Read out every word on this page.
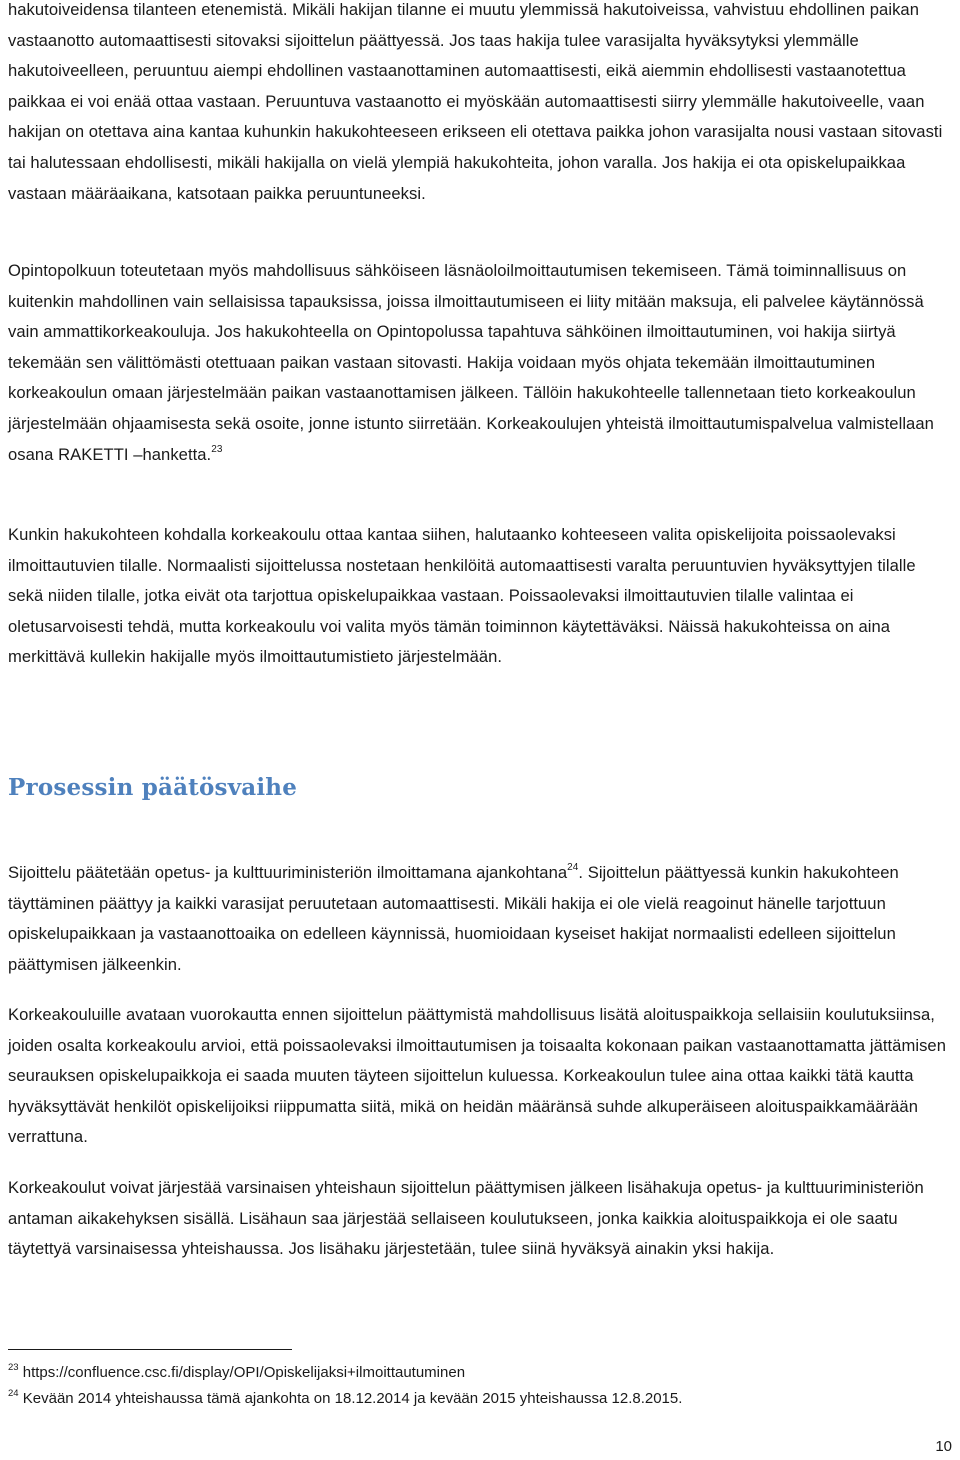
hakutoiveidensa tilanteen etenemistä. Mikäli hakijan tilanne ei muutu ylemmissä hakutoiveissa, vahvistuu ehdollinen paikan vastaanotto automaattisesti sitovaksi sijoittelun päättyessä. Jos taas hakija tulee varasijalta hyväksytyksi ylemmälle hakutoiveelleen, peruuntuu aiempi ehdollinen vastaanottaminen automaattisesti, eikä aiemmin ehdollisesti vastaanotettua paikkaa ei voi enää ottaa vastaan. Peruuntuva vastaanotto ei myöskään automaattisesti siirry ylemmälle hakutoiveelle, vaan hakijan on otettava aina kantaa kuhunkin hakukohteeseen erikseen eli otettava paikka johon varasijalta nousi vastaan sitovasti tai halutessaan ehdollisesti, mikäli hakijalla on vielä ylempiä hakukohteita, johon varalla. Jos hakija ei ota opiskelupaikkaa vastaan määräaikana, katsotaan paikka peruuntuneeksi.

Opintopolkuun toteutetaan myös mahdollisuus sähköiseen läsnäoloilmoittautumisen tekemiseen. Tämä toiminnallisuus on kuitenkin mahdollinen vain sellaisissa tapauksissa, joissa ilmoittautumiseen ei liity mitään maksuja, eli palvelee käytännössä vain ammattikorkeakouluja. Jos hakukohteella on Opintopolussa tapahtuva sähköinen ilmoittautuminen, voi hakija siirtyä tekemään sen välittömästi otettuaan paikan vastaan sitovasti. Hakija voidaan myös ohjata tekemään ilmoittautuminen korkeakoulun omaan järjestelmään paikan vastaanottamisen jälkeen. Tällöin hakukohteelle tallennetaan tieto korkeakoulun järjestelmään ohjaamisesta sekä osoite, jonne istunto siirretään. Korkeakoulujen yhteistä ilmoittautumispalvelua valmistellaan osana RAKETTI –hanketta.$^{23}$

Kunkin hakukohteen kohdalla korkeakoulu ottaa kantaa siihen, halutaanko kohteeseen valita opiskelijoita poissaolevaksi ilmoittautuvien tilalle. Normaalisti sijoittelussa nostetaan henkilöitä automaattisesti varalta peruuntuvien hyväksyttyjen tilalle sekä niiden tilalle, jotka eivät ota tarjottua opiskelupaikkaa vastaan. Poissaolevaksi ilmoittautuvien tilalle valintaa ei oletusarvoisesti tehdä, mutta korkeakoulu voi valita myös tämän toiminnon käytettäväksi. Näissä hakukohteissa on aina merkittävä kullekin hakijalle myös ilmoittautumistieto järjestelmään.

Prosessin päätösvaihe

Sijoittelu päätetään opetus- ja kulttuuriministeriön ilmoittamana ajankohtana$^{24}$. Sijoittelun päättyessä kunkin hakukohteen täyttäminen päättyy ja kaikki varasijat peruutetaan automaattisesti. Mikäli hakija ei ole vielä reagoinut hänelle tarjottuun opiskelupaikkaan ja vastaanottoaika on edelleen käynnissä, huomioidaan kyseiset hakijat normaalisti edelleen sijoittelun päättymisen jälkeenkin.

Korkeakouluille avataan vuorokautta ennen sijoittelun päättymistä mahdollisuus lisätä aloituspaikkoja sellaisiin koulutuksiinsa, joiden osalta korkeakoulu arvioi, että poissaolevaksi ilmoittautumisen ja toisaalta kokonaan paikan vastaanottamatta jättämisen seurauksen opiskelupaikkoja ei saada muuten täyteen sijoittelun kuluessa. Korkeakoulun tulee aina ottaa kaikki tätä kautta hyväksyttävät henkilöt opiskelijoiksi riippumatta siitä, mikä on heidän määränsä suhde alkuperäiseen aloituspaikkamäärään verrattuna.

Korkeakoulut voivat järjestää varsinaisen yhteishaun sijoittelun päättymisen jälkeen lisähakuja opetus- ja kulttuuriministeriön antaman aikakehyksen sisällä. Lisähaun saa järjestää sellaiseen koulutukseen, jonka kaikkia aloituspaikkoja ei ole saatu täytettyä varsinaisessa yhteishaussa. Jos lisähaku järjestetään, tulee siinä hyväksyä ainakin yksi hakija.

$^{23}$ https://confluence.csc.fi/display/OPI/Opiskelijaksi+ilmoittautuminen
$^{24}$ Kevään 2014 yhteishaussa tämä ajankohta on 18.12.2014 ja kevään 2015 yhteishaussa 12.8.2015.

10
